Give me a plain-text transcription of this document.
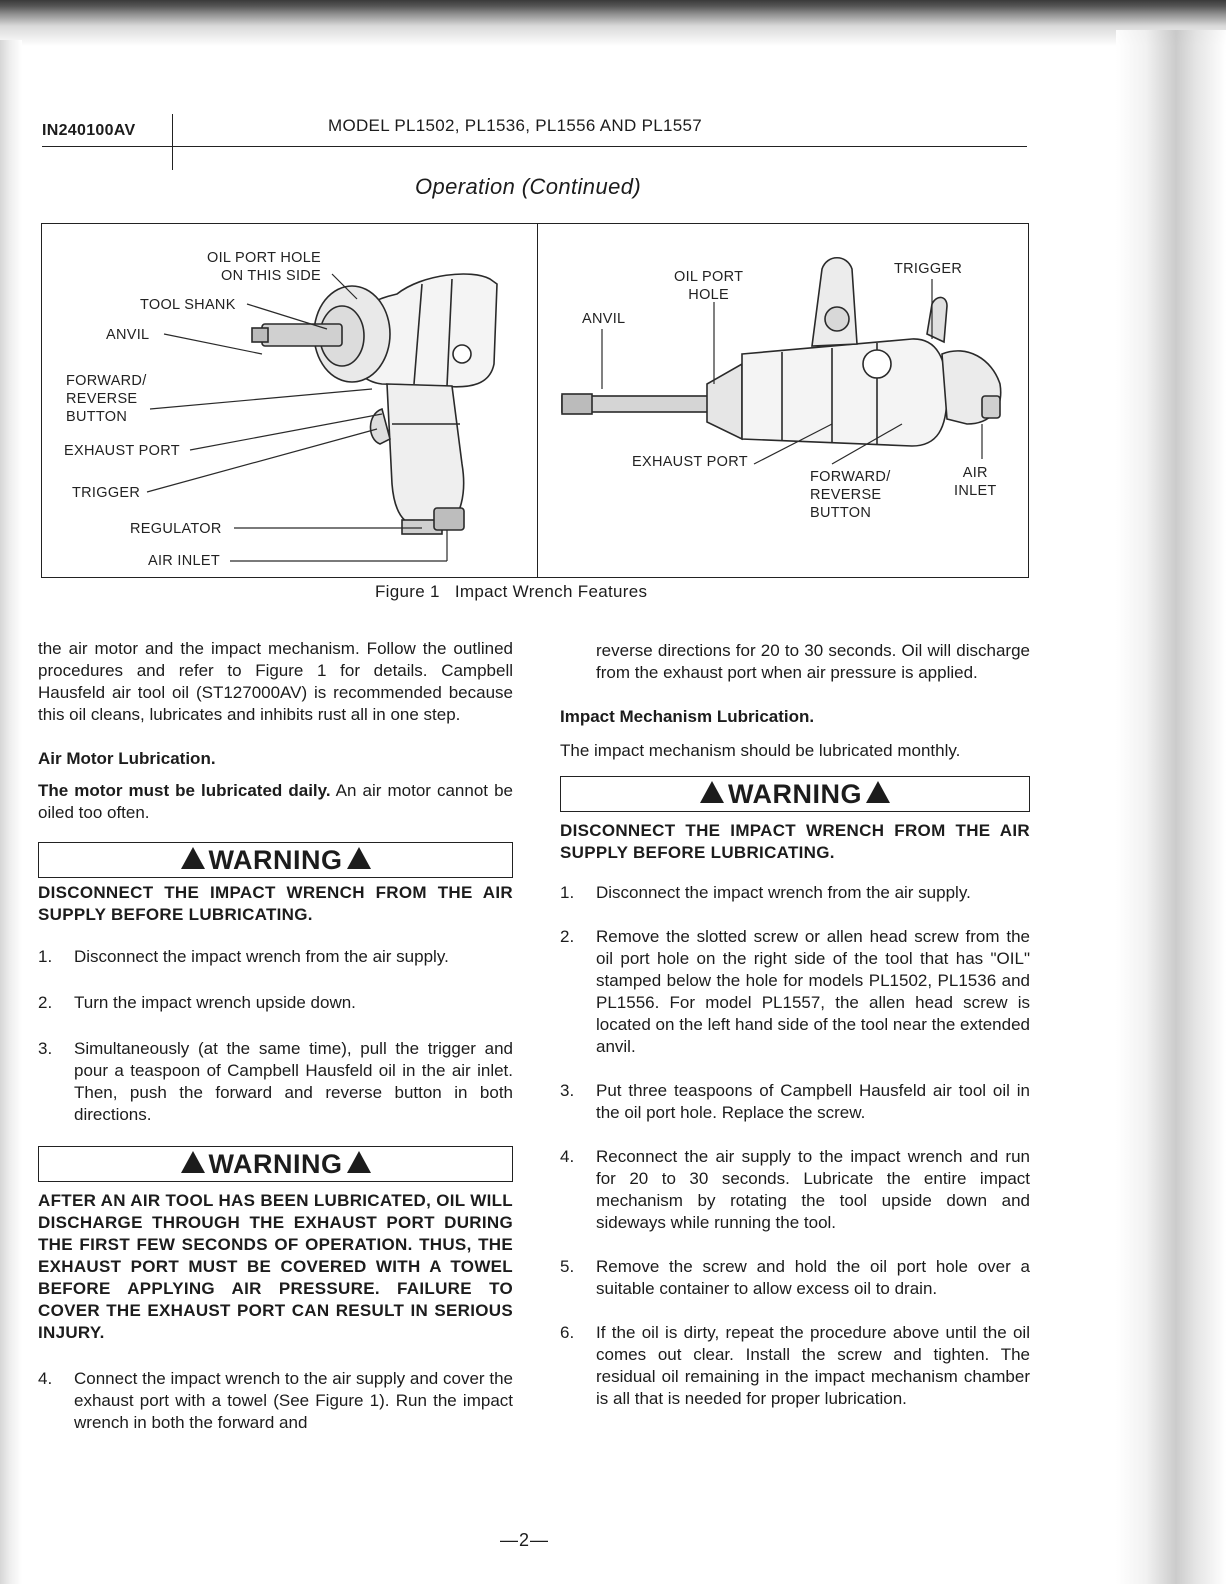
IN240100AV	MODEL PL1502, PL1536, PL1556 AND PL1557
Operation (Continued)
OIL PORT HOLE
ON THIS SIDE
TOOL SHANK
ANVIL
FORWARD/
REVERSE
BUTTON
EXHAUST PORT
TRIGGER
REGULATOR
AIR INLET
OIL PORT
HOLE
TRIGGER
ANVIL
EXHAUST PORT
FORWARD/
REVERSE
BUTTON
AIR
INLET
Figure 1   Impact Wrench Features

the air motor and the impact mechanism. Follow the outlined procedures and refer to Figure 1 for details. Campbell Hausfeld air tool oil (ST127000AV) is recommended because this oil cleans, lubricates and inhibits rust all in one step.

Air Motor Lubrication.

The motor must be lubricated daily. An air motor cannot be oiled too often.

WARNING

DISCONNECT THE IMPACT WRENCH FROM THE AIR SUPPLY BEFORE LUBRICATING.

1.	Disconnect the impact wrench from the air supply.
2.	Turn the impact wrench upside down.
3.	Simultaneously (at the same time), pull the trigger and pour a teaspoon of Campbell Hausfeld oil in the air inlet. Then, push the forward and reverse button in both directions.
WARNING

AFTER AN AIR TOOL HAS BEEN LUBRICATED, OIL WILL DISCHARGE THROUGH THE EXHAUST PORT DURING THE FIRST FEW SECONDS OF OPERATION. THUS, THE EXHAUST PORT MUST BE COVERED WITH A TOWEL BEFORE APPLYING AIR PRESSURE. FAILURE TO COVER THE EXHAUST PORT CAN RESULT IN SERIOUS INJURY.

4.	Connect the impact wrench to the air supply and cover the exhaust port with a towel (See Figure 1). Run the impact wrench in both the forward and

reverse directions for 20 to 30 seconds. Oil will discharge from the exhaust port when air pressure is applied.

Impact Mechanism Lubrication.

The impact mechanism should be lubricated monthly.

WARNING

DISCONNECT THE IMPACT WRENCH FROM THE AIR SUPPLY BEFORE LUBRICATING.

1.	Disconnect the impact wrench from the air supply.
2.	Remove the slotted screw or allen head screw from the oil port hole on the right side of the tool that has "OIL" stamped below the hole for models PL1502, PL1536 and PL1556. For model PL1557, the allen head screw is located on the left hand side of the tool near the extended anvil.
3.	Put three teaspoons of Campbell Hausfeld air tool oil in the oil port hole. Replace the screw.
4.	Reconnect the air supply to the impact wrench and run for 20 to 30 seconds. Lubricate the entire impact mechanism by rotating the tool upside down and sideways while running the tool.
5.	Remove the screw and hold the oil port hole over a suitable container to allow excess oil to drain.
6.	If the oil is dirty, repeat the procedure above until the oil comes out clear. Install the screw and tighten. The residual oil remaining in the impact mechanism chamber is all that is needed for proper lubrication.
—2—
